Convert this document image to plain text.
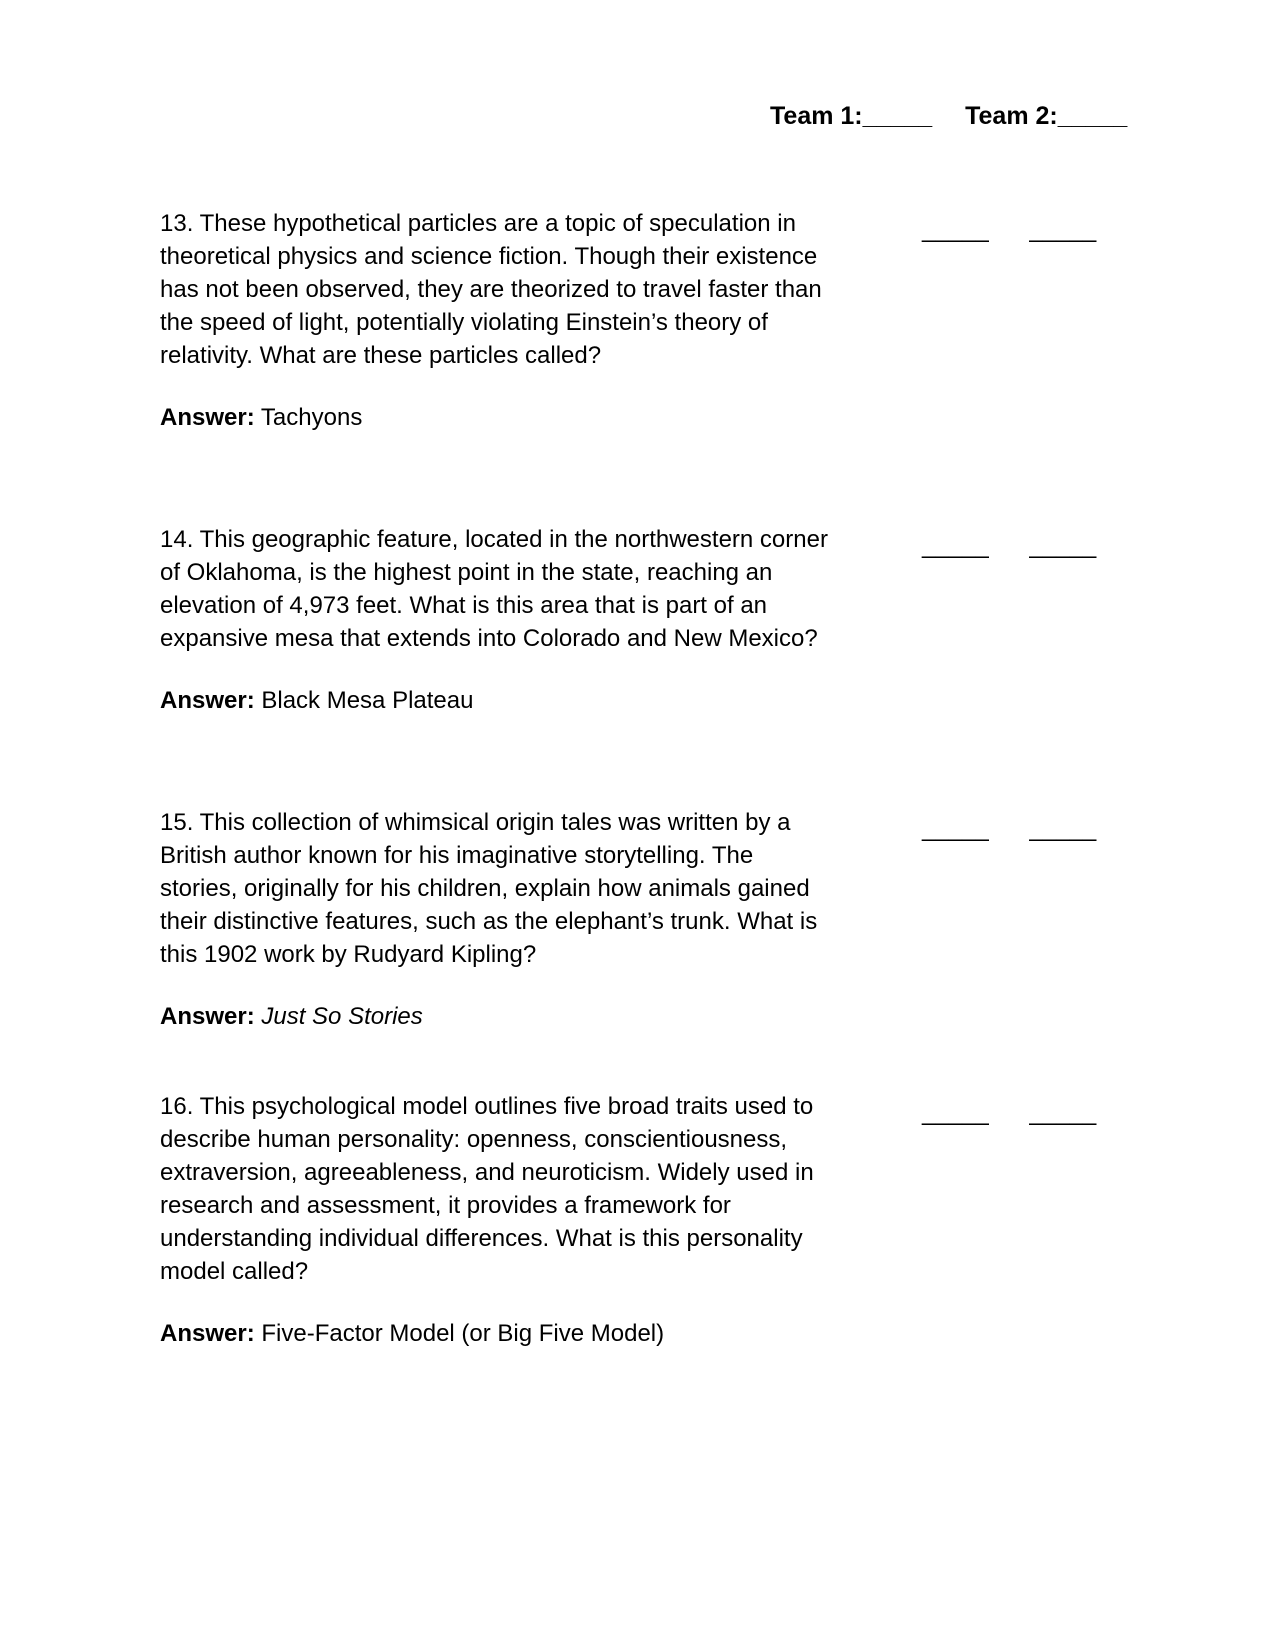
Team 1:_____ Team 2:_____

13. These hypothetical particles are a topic of speculation in theoretical physics and science fiction. Though their existence has not been observed, they are theorized to travel faster than the speed of light, potentially violating Einstein’s theory of relativity. What are these particles called?

Answer: Tachyons
_____ _____

14. This geographic feature, located in the northwestern corner of Oklahoma, is the highest point in the state, reaching an elevation of 4,973 feet. What is this area that is part of an expansive mesa that extends into Colorado and New Mexico?

Answer: Black Mesa Plateau
_____ _____

15. This collection of whimsical origin tales was written by a British author known for his imaginative storytelling. The stories, originally for his children, explain how animals gained their distinctive features, such as the elephant’s trunk. What is this 1902 work by Rudyard Kipling?

Answer: Just So Stories
_____ _____

16. This psychological model outlines five broad traits used to describe human personality: openness, conscientiousness, extraversion, agreeableness, and neuroticism. Widely used in research and assessment, it provides a framework for understanding individual differences. What is this personality model called?

Answer: Five-Factor Model (or Big Five Model)
_____ _____
